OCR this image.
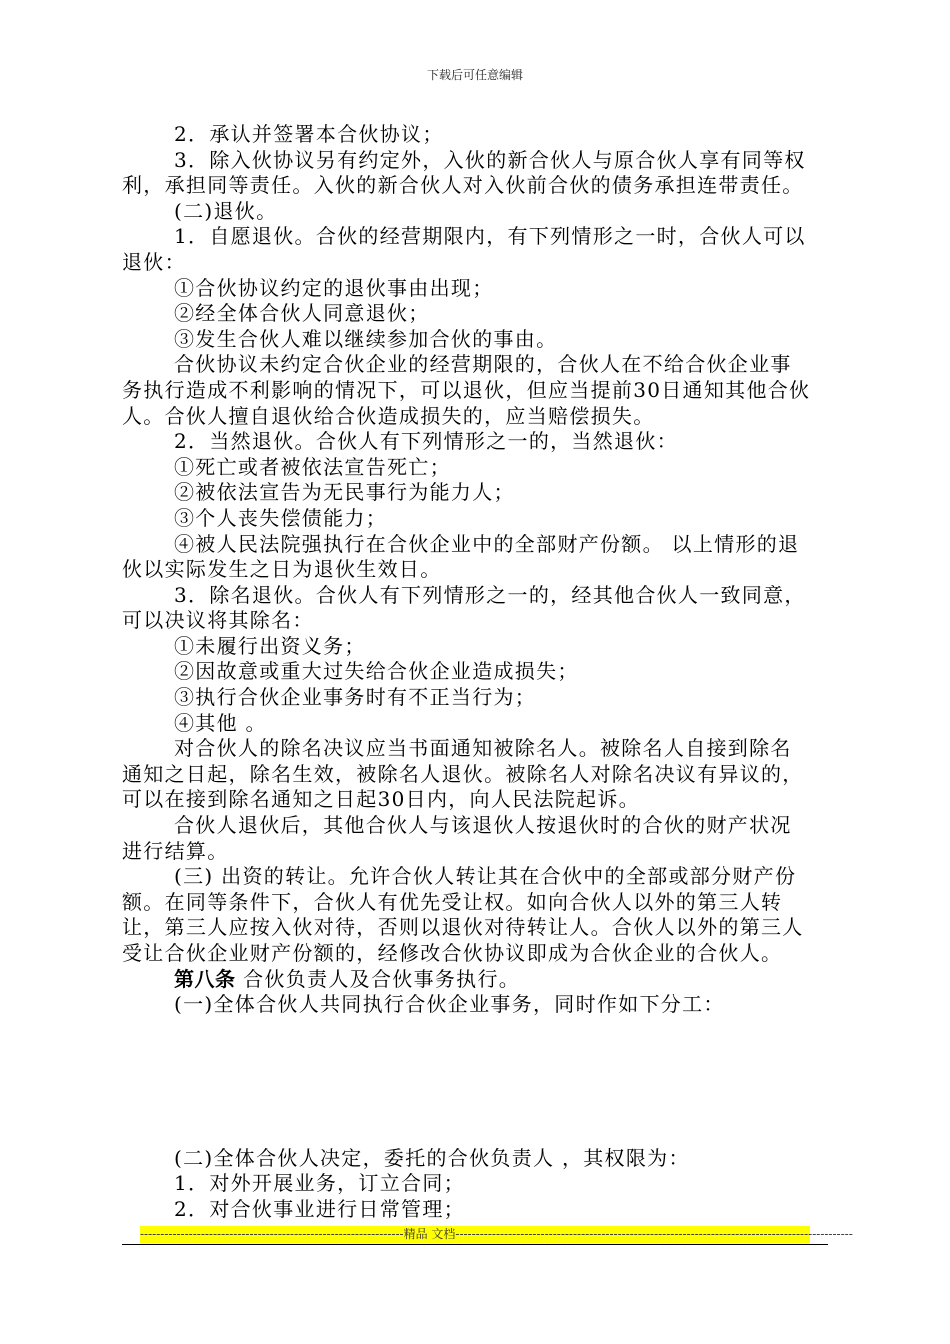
下载后可任意编辑

2．承认并签署本合伙协议；

3．除入伙协议另有约定外，入伙的新合伙人与原合伙人享有同等权利，承担同等责任。入伙的新合伙人对入伙前合伙的债务承担连带责任。

(二)退伙。

1．自愿退伙。合伙的经营期限内，有下列情形之一时，合伙人可以退伙：

①合伙协议约定的退伙事由出现；

②经全体合伙人同意退伙；

③发生合伙人难以继续参加合伙的事由。

合伙协议未约定合伙企业的经营期限的，合伙人在不给合伙企业事务执行造成不利影响的情况下，可以退伙，但应当提前30日通知其他合伙人。合伙人擅自退伙给合伙造成损失的，应当赔偿损失。

2．当然退伙。合伙人有下列情形之一的，当然退伙：

①死亡或者被依法宣告死亡；

②被依法宣告为无民事行为能力人；

③个人丧失偿债能力；

④被人民法院强执行在合伙企业中的全部财产份额。 以上情形的退伙以实际发生之日为退伙生效日。

3．除名退伙。合伙人有下列情形之一的，经其他合伙人一致同意，可以决议将其除名：

①未履行出资义务；

②因故意或重大过失给合伙企业造成损失；

③执行合伙企业事务时有不正当行为；

④其他 。

对合伙人的除名决议应当书面通知被除名人。被除名人自接到除名通知之日起，除名生效，被除名人退伙。被除名人对除名决议有异议的，可以在接到除名通知之日起30日内，向人民法院起诉。

合伙人退伙后，其他合伙人与该退伙人按退伙时的合伙的财产状况进行结算。

(三) 出资的转让。允许合伙人转让其在合伙中的全部或部分财产份额。在同等条件下，合伙人有优先受让权。如向合伙人以外的第三人转让，第三人应按入伙对待，否则以退伙对待转让人。合伙人以外的第三人受让合伙企业财产份额的，经修改合伙协议即成为合伙企业的合伙人。

第八条 合伙负责人及合伙事务执行。

(一)全体合伙人共同执行合伙企业事务，同时作如下分工：

(二)全体合伙人决定，委托的合伙负责人 ，其权限为：

1．对外开展业务，订立合同；

2．对合伙事业进行日常管理；

-----------------------------------------------------------------精品 文档--------------------------------------------------------------------------------------------------
